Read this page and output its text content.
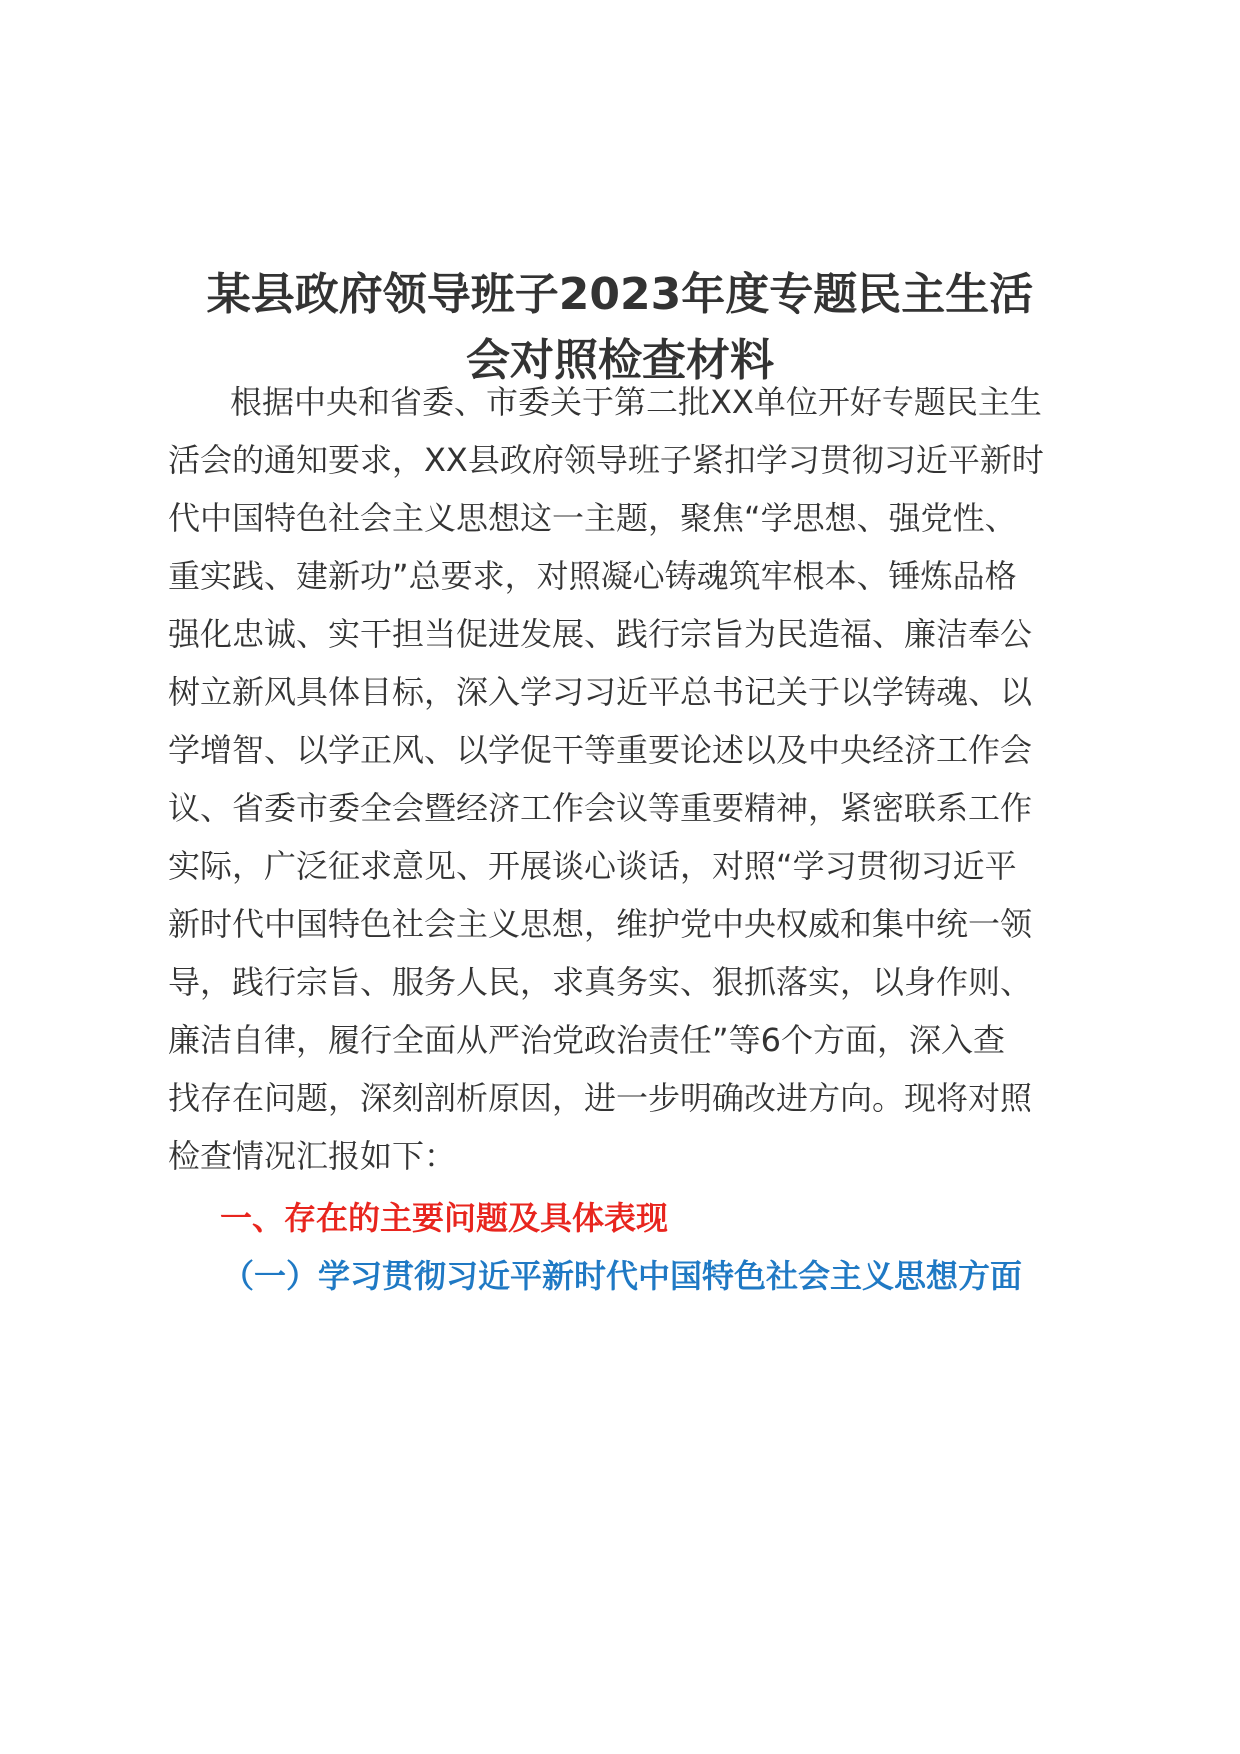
某县政府领导班子2023年度专题民主生活
会对照检查材料

根据中央和省委、市委关于第二批XX单位开好专题民主生

活会的通知要求，XX县政府领导班子紧扣学习贯彻习近平新时

代中国特色社会主义思想这一主题，聚焦“学思想、强党性、

重实践、建新功”总要求，对照凝心铸魂筑牢根本、锤炼品格

强化忠诚、实干担当促进发展、践行宗旨为民造福、廉洁奉公

树立新风具体目标，深入学习习近平总书记关于以学铸魂、以

学增智、以学正风、以学促干等重要论述以及中央经济工作会

议、省委市委全会暨经济工作会议等重要精神，紧密联系工作

实际，广泛征求意见、开展谈心谈话，对照“学习贯彻习近平

新时代中国特色社会主义思想，维护党中央权威和集中统一领

导，践行宗旨、服务人民，求真务实、狠抓落实，以身作则、

廉洁自律，履行全面从严治党政治责任”等6个方面，深入查

找存在问题，深刻剖析原因，进一步明确改进方向。现将对照

检查情况汇报如下：

一、存在的主要问题及具体表现
（一）学习贯彻习近平新时代中国特色社会主义思想方面
